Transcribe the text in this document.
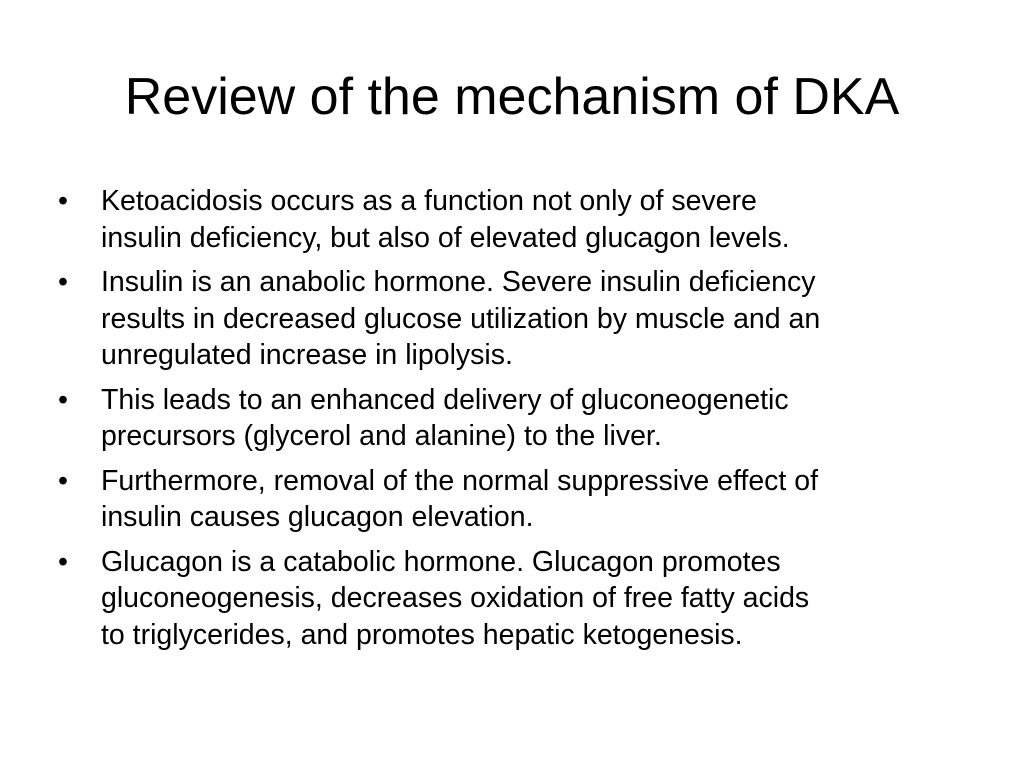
Review of the mechanism of DKA
•	Ketoacidosis occurs as a function not only of severe
insulin deficiency, but also of elevated glucagon levels.
•	Insulin is an anabolic hormone. Severe insulin deficiency
results in decreased glucose utilization by muscle and an
unregulated increase in lipolysis.
•	This leads to an enhanced delivery of gluconeogenetic
precursors (glycerol and alanine) to the liver.
•	Furthermore, removal of the normal suppressive effect of
insulin causes glucagon elevation.
•	Glucagon is a catabolic hormone. Glucagon promotes
gluconeogenesis, decreases oxidation of free fatty acids
to triglycerides, and promotes hepatic ketogenesis.
